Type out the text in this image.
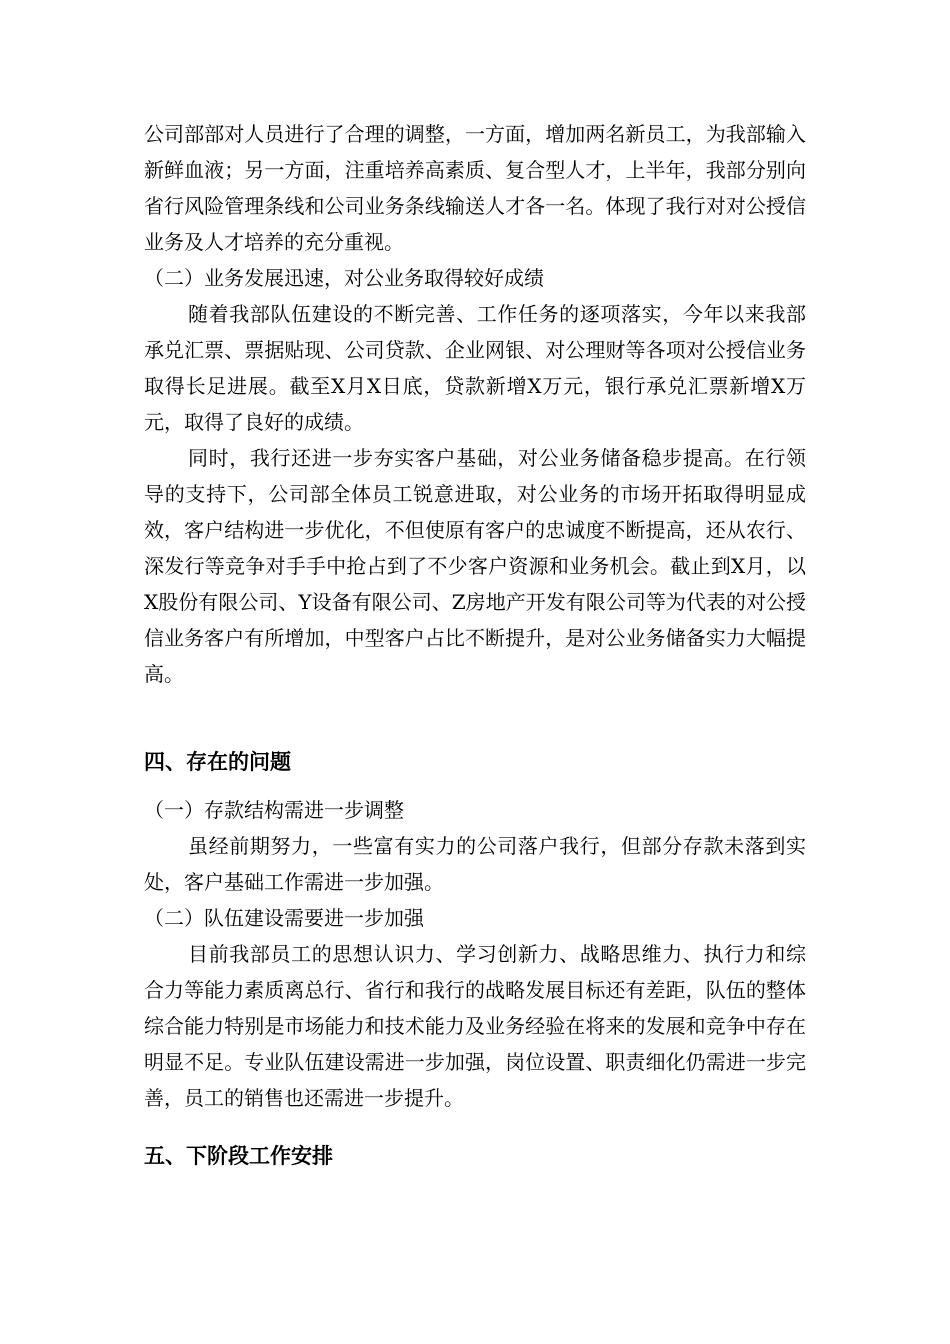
公司部部对人员进行了合理的调整，一方面，增加两名新员工，为我部输入新鲜血液；另一方面，注重培养高素质、复合型人才，上半年，我部分别向省行风险管理条线和公司业务条线输送人才各一名。体现了我行对对公授信业务及人才培养的充分重视。

（二）业务发展迅速，对公业务取得较好成绩

随着我部队伍建设的不断完善、工作任务的逐项落实，今年以来我部承兑汇票、票据贴现、公司贷款、企业网银、对公理财等各项对公授信业务取得长足进展。截至X月X日底，贷款新增X万元，银行承兑汇票新增X万元，取得了良好的成绩。

同时，我行还进一步夯实客户基础，对公业务储备稳步提高。在行领导的支持下，公司部全体员工锐意进取，对公业务的市场开拓取得明显成效，客户结构进一步优化，不但使原有客户的忠诚度不断提高，还从农行、深发行等竞争对手手中抢占到了不少客户资源和业务机会。截止到X月，以X股份有限公司、Y设备有限公司、Z房地产开发有限公司等为代表的对公授信业务客户有所增加，中型客户占比不断提升，是对公业务储备实力大幅提高。

四、存在的问题

（一）存款结构需进一步调整

虽经前期努力，一些富有实力的公司落户我行，但部分存款未落到实处，客户基础工作需进一步加强。

（二）队伍建设需要进一步加强

目前我部员工的思想认识力、学习创新力、战略思维力、执行力和综合力等能力素质离总行、省行和我行的战略发展目标还有差距，队伍的整体综合能力特别是市场能力和技术能力及业务经验在将来的发展和竞争中存在明显不足。专业队伍建设需进一步加强，岗位设置、职责细化仍需进一步完善，员工的销售也还需进一步提升。

五、下阶段工作安排
